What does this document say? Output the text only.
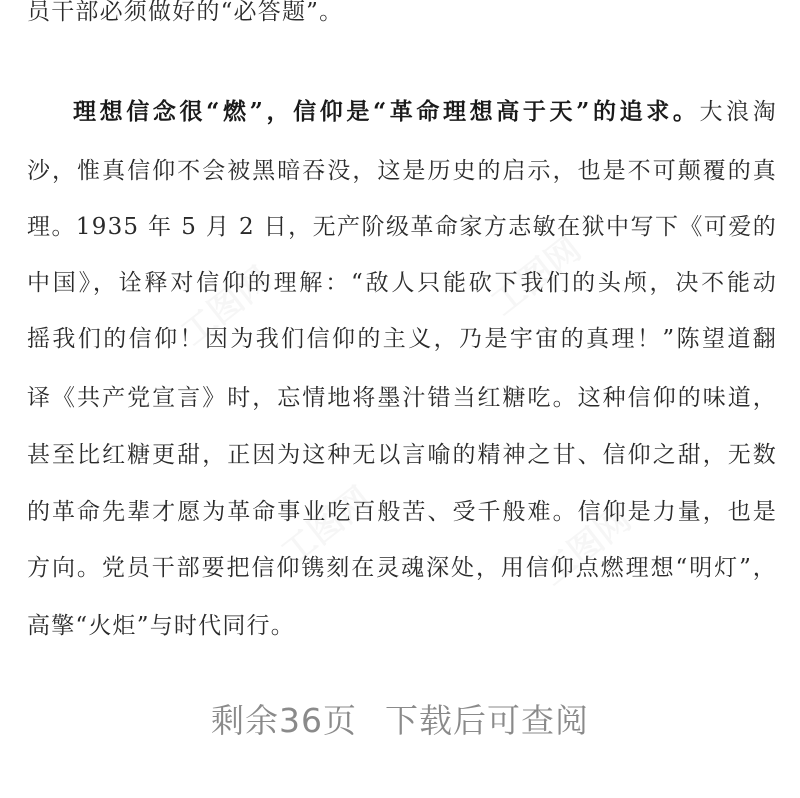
员干部必须做好的“必答题”。
理想信念很“燃”，信仰是“革命理想高于天”的追求。大浪淘
沙，惟真信仰不会被黑暗吞没，这是历史的启示，也是不可颠覆的真
理。1935 年 5 月 2 日，无产阶级革命家方志敏在狱中写下《可爱的
中国》，诠释对信仰的理解：“敌人只能砍下我们的头颅，决不能动
摇我们的信仰！因为我们信仰的主义，乃是宇宙的真理！”陈望道翻
译《共产党宣言》时，忘情地将墨汁错当红糖吃。这种信仰的味道，
甚至比红糖更甜，正因为这种无以言喻的精神之甘、信仰之甜，无数
的革命先辈才愿为革命事业吃百般苦、受千般难。信仰是力量，也是
方向。党员干部要把信仰镌刻在灵魂深处，用信仰点燃理想“明灯”，
高擎“火炬”与时代同行。
剩余36页 下载后可查阅
